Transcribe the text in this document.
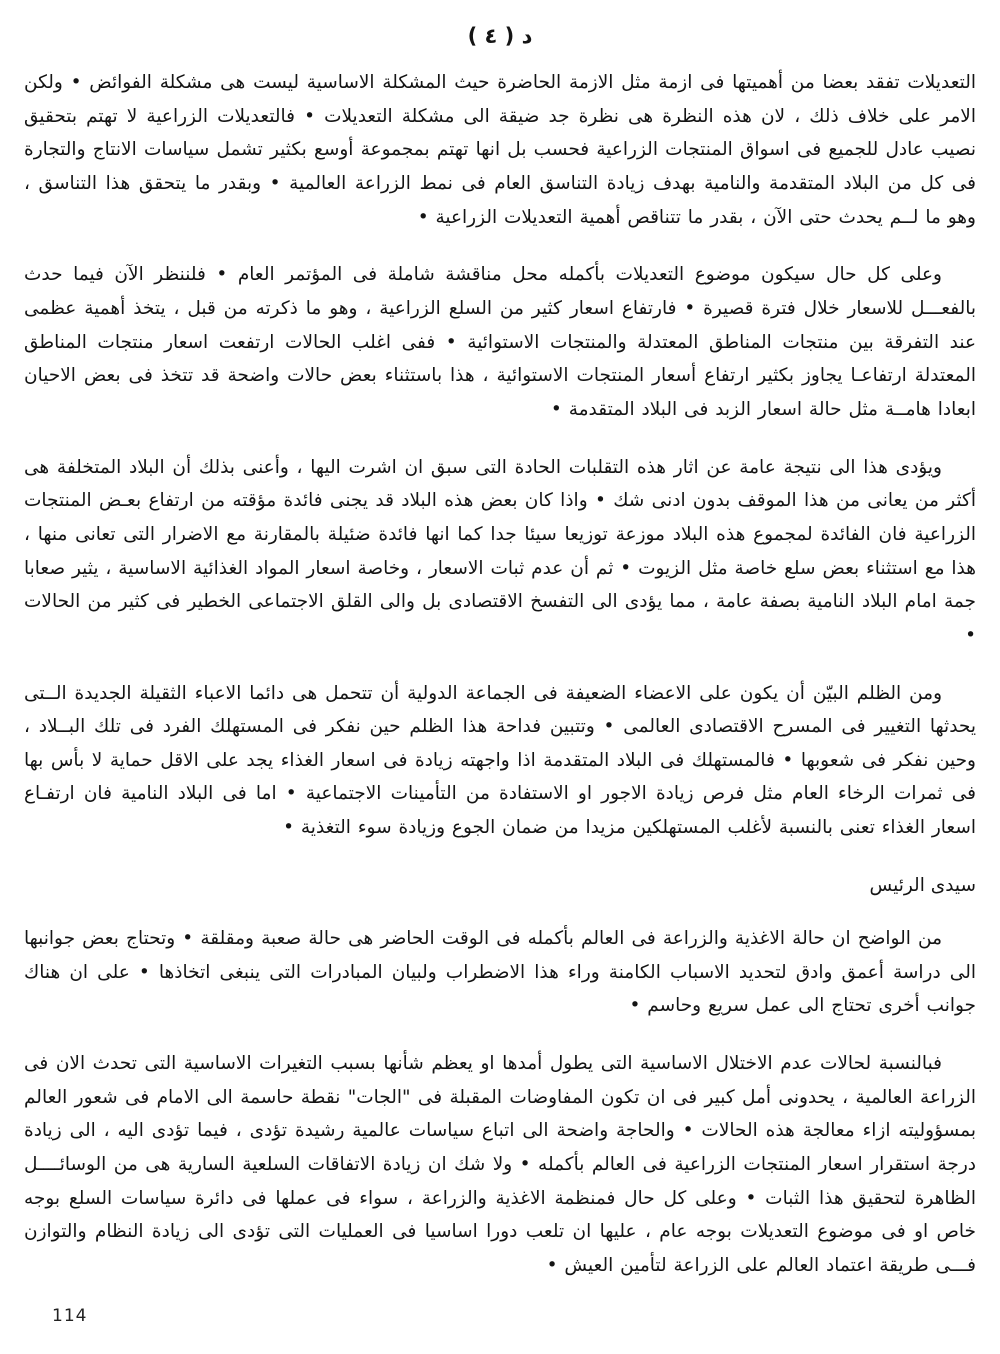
د ( ٤ )

التعديلات تفقد بعضا من أهميتها فى ازمة مثل الازمة الحاضرة حيث المشكلة الاساسية ليست هى مشكلة الفوائض • ولكن الامر على خلاف ذلك ، لان هذه النظرة هى نظرة جد ضيقة الى مشكلة التعديلات • فالتعديلات الزراعية لا تهتم بتحقيق نصيب عادل للجميع فى اسواق المنتجات الزراعية فحسب بل انها تهتم بمجموعة أوسع بكثير تشمل سياسات الانتاج والتجارة فى كل من البلاد المتقدمة والنامية بهدف زيادة التناسق العام فى نمط الزراعة العالمية • وبقدر ما يتحقق هذا التناسق ، وهو ما لــم يحدث حتى الآن ، بقدر ما تتناقص أهمية التعديلات الزراعية •

وعلى كل حال سيكون موضوع التعديلات بأكمله محل مناقشة شاملة فى المؤتمر العام • فلننظر الآن فيما حدث بالفعـــل للاسعار خلال فترة قصيرة • فارتفاع اسعار كثير من السلع الزراعية ، وهو ما ذكرته من قبل ، يتخذ أهمية عظمى عند التفرقة بين منتجات المناطق المعتدلة والمنتجات الاستوائية • ففى اغلب الحالات ارتفعت اسعار منتجات المناطق المعتدلة ارتفاعـا يجاوز بكثير ارتفاع أسعار المنتجات الاستوائية ، هذا باستثناء بعض حالات واضحة قد تتخذ فى بعض الاحيان ابعادا هامــة مثل حالة اسعار الزبد فى البلاد المتقدمة •

ويؤدى هذا الى نتيجة عامة عن اثار هذه التقلبات الحادة التى سبق ان اشرت اليها ، وأعنى بذلك أن البلاد المتخلفة هى أكثر من يعانى من هذا الموقف بدون ادنى شك • واذا كان بعض هذه البلاد قد يجنى فائدة مؤقته من ارتفاع بعـض المنتجات الزراعية فان الفائدة لمجموع هذه البلاد موزعة توزيعا سيئا جدا كما انها فائدة ضئيلة بالمقارنة مع الاضرار التى تعانى منها ، هذا مع استثناء بعض سلع خاصة مثل الزيوت • ثم أن عدم ثبات الاسعار ، وخاصة اسعار المواد الغذائية الاساسية ، يثير صعابا جمة امام البلاد النامية بصفة عامة ، مما يؤدى الى التفسخ الاقتصادى بل والى القلق الاجتماعى الخطير فى كثير من الحالات •

ومن الظلم البيّن أن يكون على الاعضاء الضعيفة فى الجماعة الدولية أن تتحمل هى دائما الاعباء الثقيلة الجديدة الــتى يحدثها التغيير فى المسرح الاقتصادى العالمى • وتتبين فداحة هذا الظلم حين نفكر فى المستهلك الفرد فى تلك البــلاد ، وحين نفكر فى شعوبها • فالمستهلك فى البلاد المتقدمة اذا واجهته زيادة فى اسعار الغذاء يجد على الاقل حماية لا بأس بها فى ثمرات الرخاء العام مثل فرص زيادة الاجور او الاستفادة من التأمينات الاجتماعية • اما فى البلاد النامية فان ارتفـاع اسعار الغذاء تعنى بالنسبة لأغلب المستهلكين مزيدا من ضمان الجوع وزيادة سوء التغذية •

سيدى الرئيس

من الواضح ان حالة الاغذية والزراعة فى العالم بأكمله فى الوقت الحاضر هى حالة صعبة ومقلقة • وتحتاج بعض جوانبها الى دراسة أعمق وادق لتحديد الاسباب الكامنة وراء هذا الاضطراب ولبيان المبادرات التى ينبغى اتخاذها • على ان هناك جوانب أخرى تحتاج الى عمل سريع وحاسم •

فبالنسبة لحالات عدم الاختلال الاساسية التى يطول أمدها او يعظم شأنها بسبب التغيرات الاساسية التى تحدث الان فى الزراعة العالمية ، يحدونى أمل كبير فى ان تكون المفاوضات المقبلة فى "الجات" نقطة حاسمة الى الامام فى شعور العالم بمسؤوليته ازاء معالجة هذه الحالات • والحاجة واضحة الى اتباع سياسات عالمية رشيدة تؤدى ، فيما تؤدى اليه ، الى زيادة درجة استقرار اسعار المنتجات الزراعية فى العالم بأكمله • ولا شك ان زيادة الاتفاقات السلعية السارية هى من الوسائــــل الظاهرة لتحقيق هذا الثبات • وعلى كل حال فمنظمة الاغذية والزراعة ، سواء فى عملها فى دائرة سياسات السلع بوجه خاص او فى موضوع التعديلات بوجه عام ، عليها ان تلعب دورا اساسيا فى العمليات التى تؤدى الى زيادة النظام والتوازن فـــى طريقة اعتماد العالم على الزراعة لتأمين العيش •

114
